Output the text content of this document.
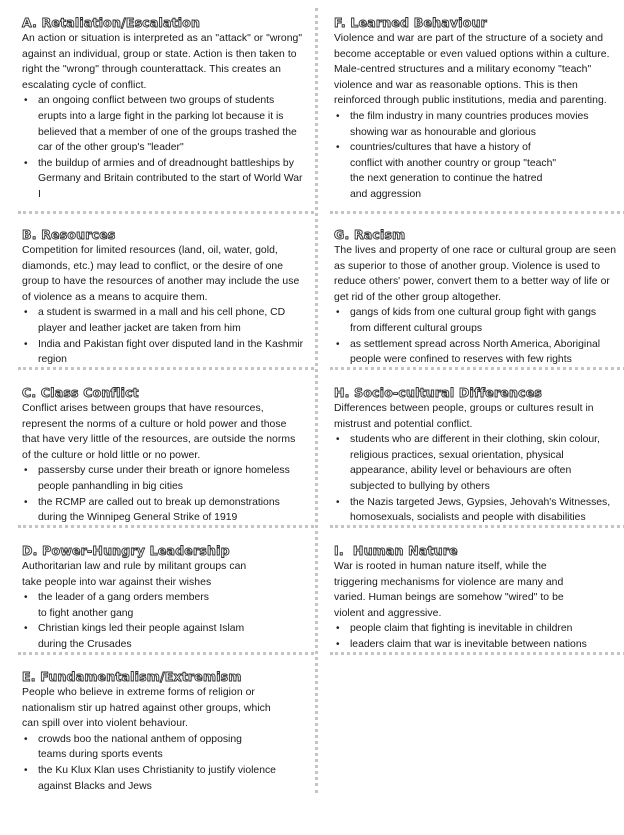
A. Retaliation/Escalation

An action or situation is interpreted as an "attack" or "wrong" against an individual, group or state. Action is then taken to right the "wrong" through counterattack. This creates an escalating cycle of conflict.

• an ongoing conflict between two groups of students erupts into a large fight in the parking lot because it is believed that a member of one of the groups trashed the car of the other group's "leader"
• the buildup of armies and of dreadnought battleships by Germany and Britain contributed to the start of World War I
B. Resources

Competition for limited resources (land, oil, water, gold, diamonds, etc.) may lead to conflict, or the desire of one group to have the resources of another may include the use of violence as a means to acquire them.

• a student is swarmed in a mall and his cell phone, CD player and leather jacket are taken from him
• India and Pakistan fight over disputed land in the Kashmir region
C. Class Conflict

Conflict arises between groups that have resources, represent the norms of a culture or hold power and those that have very little of the resources, are outside the norms of the culture or hold little or no power.

• passersby curse under their breath or ignore homeless people panhandling in big cities
• the RCMP are called out to break up demonstrations during the Winnipeg General Strike of 1919
D. Power-Hungry Leadership

Authoritarian law and rule by militant groups can take people into war against their wishes

• the leader of a gang orders members to fight another gang
• Christian kings led their people against Islam during the Crusades
E. Fundamentalism/Extremism

People who believe in extreme forms of religion or nationalism stir up hatred against other groups, which can spill over into violent behaviour.

• crowds boo the national anthem of opposing teams during sports events
• the Ku Klux Klan uses Christianity to justify violence against Blacks and Jews
F. Learned Behaviour

Violence and war are part of the structure of a society and become acceptable or even valued options within a culture. Male-centred structures and a military economy "teach" violence and war as reasonable options. This is then reinforced through public institutions, media and parenting.

• the film industry in many countries produces movies showing war as honourable and glorious
• countries/cultures that have a history of conflict with another country or group "teach" the next generation to continue the hatred and aggression
G. Racism

The lives and property of one race or cultural group are seen as superior to those of another group. Violence is used to reduce others' power, convert them to a better way of life or get rid of the other group altogether.

• gangs of kids from one cultural group fight with gangs from different cultural groups
• as settlement spread across North America, Aboriginal people were confined to reserves with few rights
H. Socio-cultural Differences

Differences between people, groups or cultures result in mistrust and potential conflict.

• students who are different in their clothing, skin colour, religious practices, sexual orientation, physical appearance, ability level or behaviours are often subjected to bullying by others
• the Nazis targeted Jews, Gypsies, Jehovah's Witnesses, homosexuals, socialists and people with disabilities
I.  Human Nature

War is rooted in human nature itself, while the triggering mechanisms for violence are many and varied. Human beings are somehow "wired" to be violent and aggressive.

• people claim that fighting is inevitable in children
• leaders claim that war is inevitable between nations
